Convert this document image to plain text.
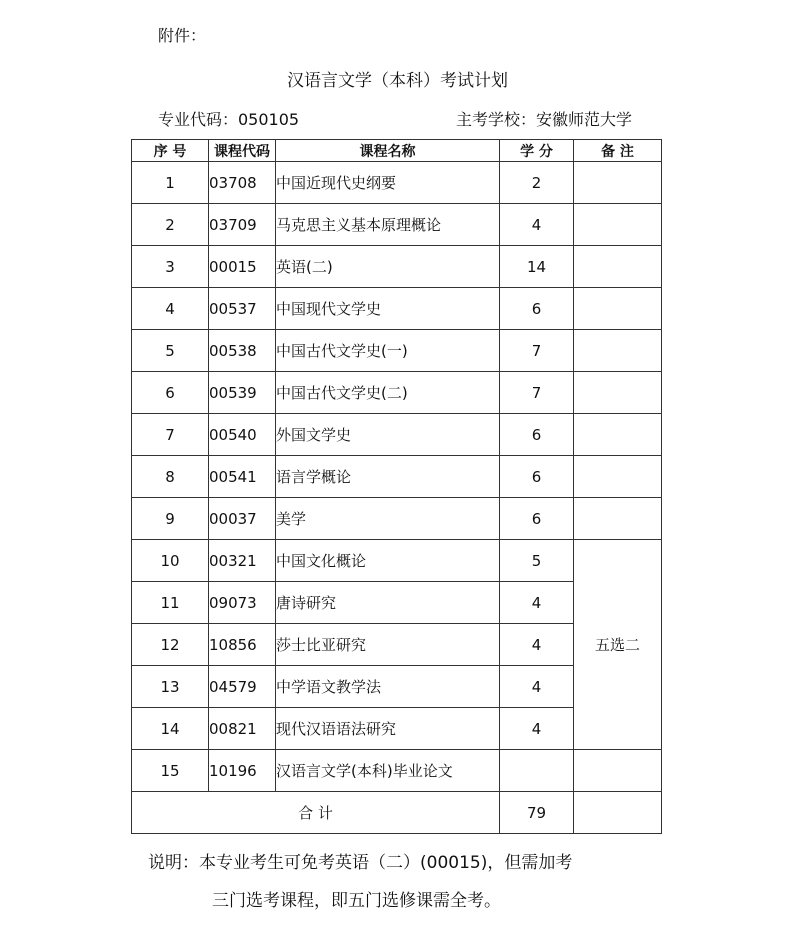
附件：
汉语言文学（本科）考试计划
专业代码：050105	主考学校：安徽师范大学
序 号	课程代码	课程名称	学 分	备 注
1	03708	中国近现代史纲要	2	
2	03709	马克思主义基本原理概论	4	
3	00015	英语(二)	14	
4	00537	中国现代文学史	6	
5	00538	中国古代文学史(一)	7	
6	00539	中国古代文学史(二)	7	
7	00540	外国文学史	6	
8	00541	语言学概论	6	
9	00037	美学	6	
10	00321	中国文化概论	5	五选二
11	09073	唐诗研究	4	
12	10856	莎士比亚研究	4	
13	04579	中学语文教学法	4	
14	00821	现代汉语语法研究	4	
15	10196	汉语言文学(本科)毕业论文		
合 计			79	
说明：本专业考生可免考英语（二）(00015)，但需加考
三门选考课程，即五门选修课需全考。
